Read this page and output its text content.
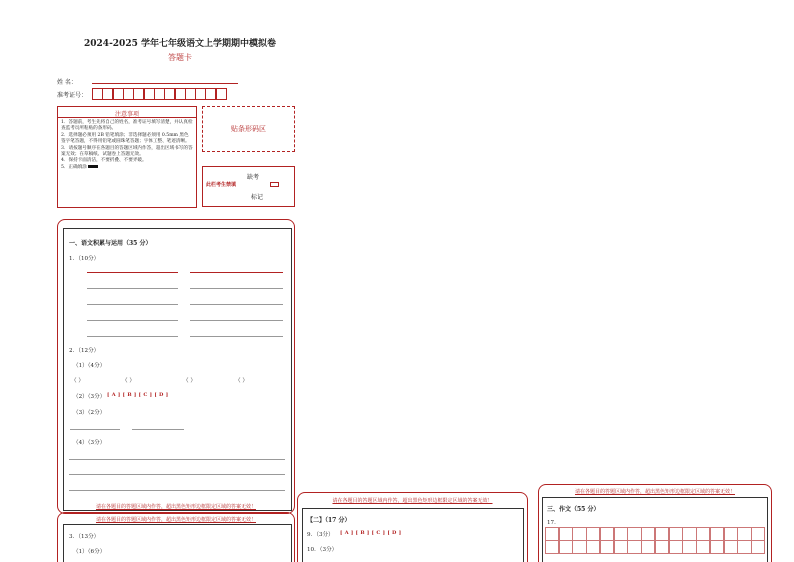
2024-2025 学年七年级语文上学期期中模拟卷
答题卡
姓 名：
准考证号：
注意事项
1．答题前，考生先将自己的姓名，准考证号填写清楚，并认真检查监考员所粘贴的条形码。
2．选择题必须用 2B 铅笔填涂；非选择题必须用 0.5mm 黑色签字笔答题，不得用铅笔或圆珠笔答题；字体工整、笔迹清晰。
3．请按题号顺序在各题目的答题区域内作答，超出区域书写的答案无效；在草稿纸、试题卷上答题无效。
4．保持卡面清洁，不要折叠、不要弄破。
5．正确填涂
贴条形码区
缺考
此栏考生禁填
标记
一、语文积累与运用（35 分）
1．（10分）
2．（12分）
（1）（4分）
（ ）	（ ）	（ ）	（ ）
（2）（3分） [ A ] [ B ] [ C ] [ D ]
（3）（2分）
（4）（3分）
请在各题目的答题区域内作答，超出黑色矩形边框限定区域的答案无效！
请在各题目的答题区域内作答，超出黑色矩形边框限定区域的答案无效！
3．（13分）
（1）（6分）
请在各题目的答题区域内作答，超出黑色矩形边框限定区域的答案无效！
【二】（17 分）
9．（3分） [ A ] [ B ] [ C ] [ D ]
10．（3分）
请在各题目的答题区域内作答，超出黑色矩形边框限定区域的答案无效！
三、作文（55 分）
17．
